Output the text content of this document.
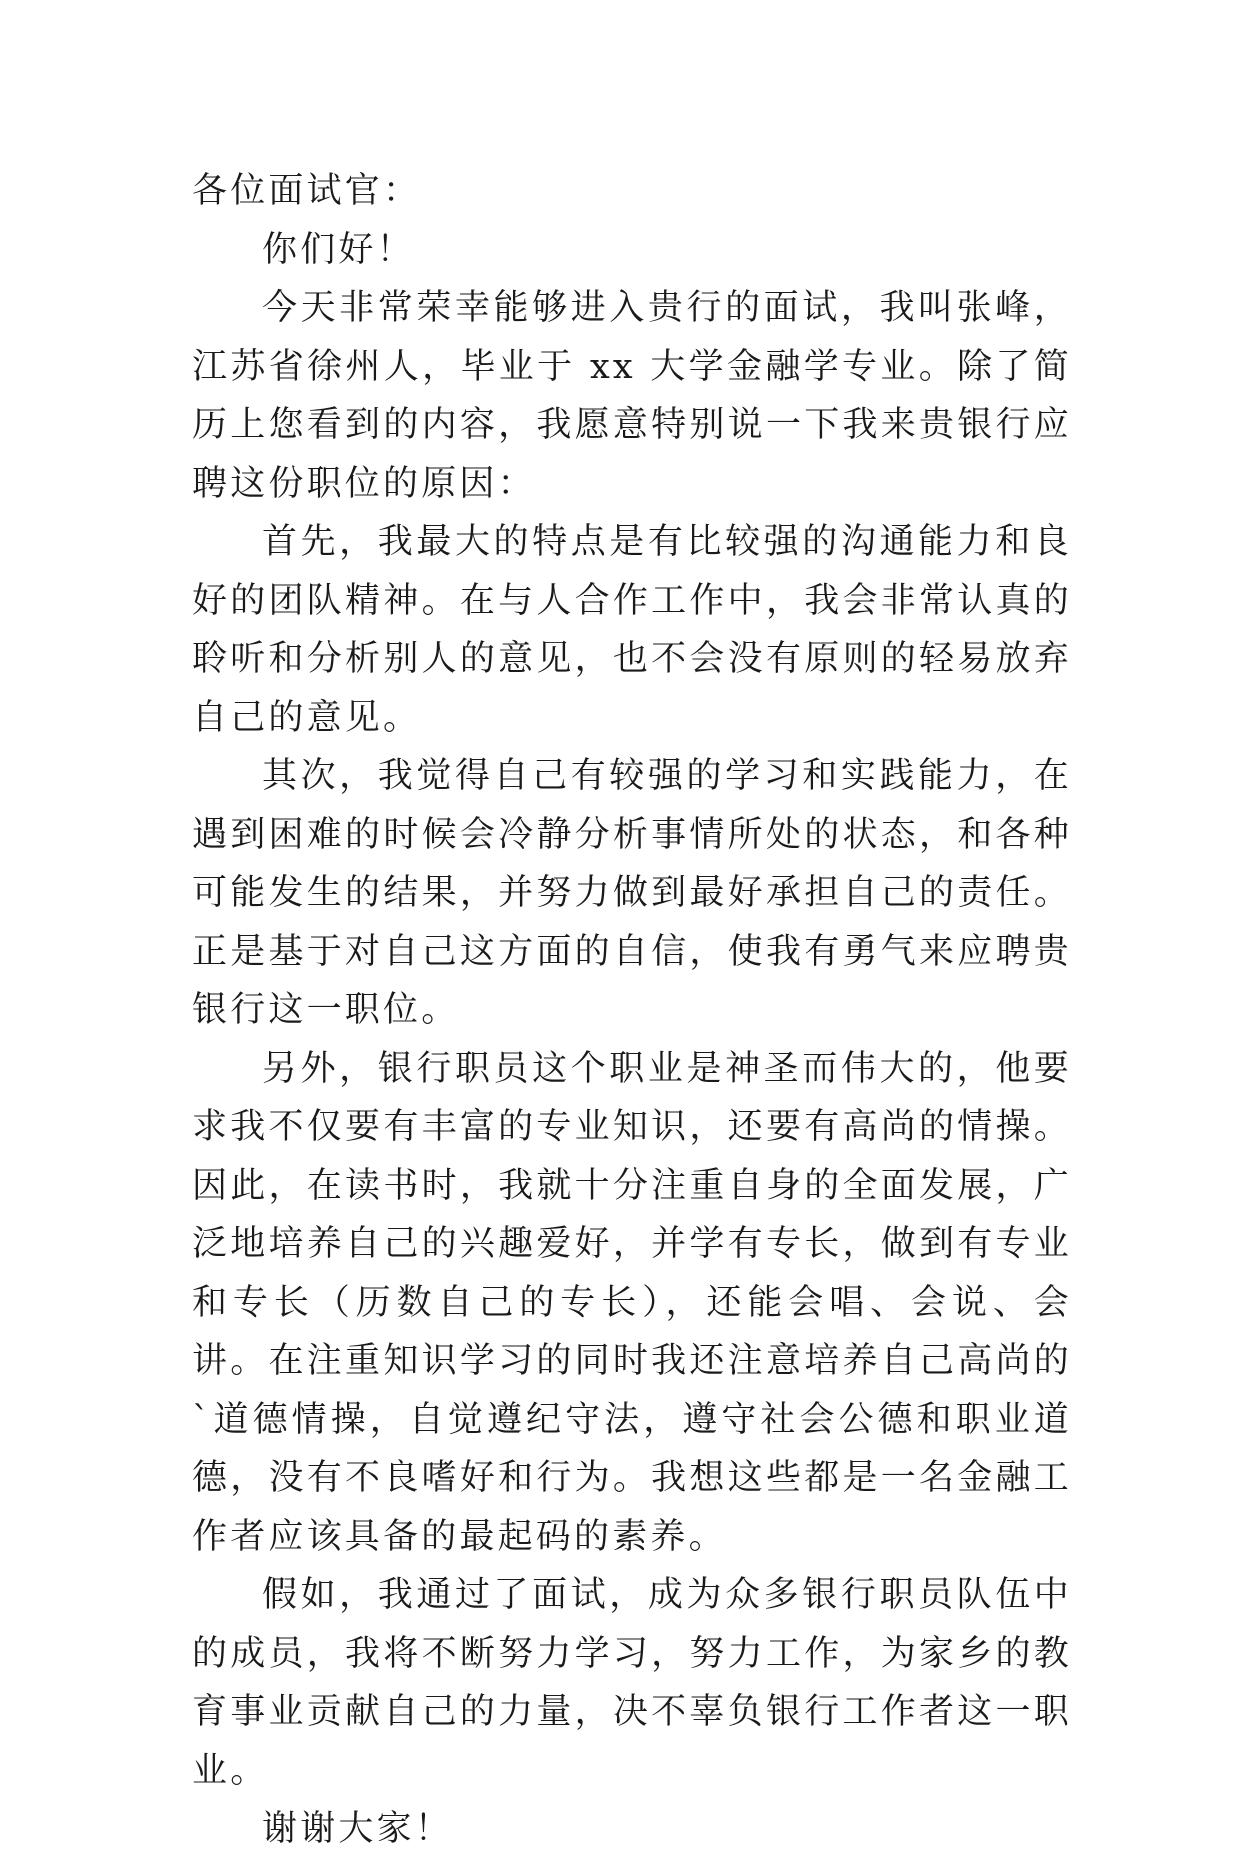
各位面试官：

你们好！

今天非常荣幸能够进入贵行的面试，我叫张峰，江苏省徐州人，毕业于 xx 大学金融学专业。除了简历上您看到的内容，我愿意特别说一下我来贵银行应聘这份职位的原因：

首先，我最大的特点是有比较强的沟通能力和良好的团队精神。在与人合作工作中，我会非常认真的聆听和分析别人的意见，也不会没有原则的轻易放弃自己的意见。

其次，我觉得自己有较强的学习和实践能力，在遇到困难的时候会冷静分析事情所处的状态，和各种可能发生的结果，并努力做到最好承担自己的责任。正是基于对自己这方面的自信，使我有勇气来应聘贵银行这一职位。

另外，银行职员这个职业是神圣而伟大的，他要求我不仅要有丰富的专业知识，还要有高尚的情操。因此，在读书时，我就十分注重自身的全面发展，广泛地培养自己的兴趣爱好，并学有专长，做到有专业和专长（历数自己的专长），还能会唱、会说、会讲。在注重知识学习的同时我还注意培养自己高尚的`道德情操，自觉遵纪守法，遵守社会公德和职业道德，没有不良嗜好和行为。我想这些都是一名金融工作者应该具备的最起码的素养。

假如，我通过了面试，成为众多银行职员队伍中的成员，我将不断努力学习，努力工作，为家乡的教育事业贡献自己的力量，决不辜负银行工作者这一职业。

谢谢大家！
